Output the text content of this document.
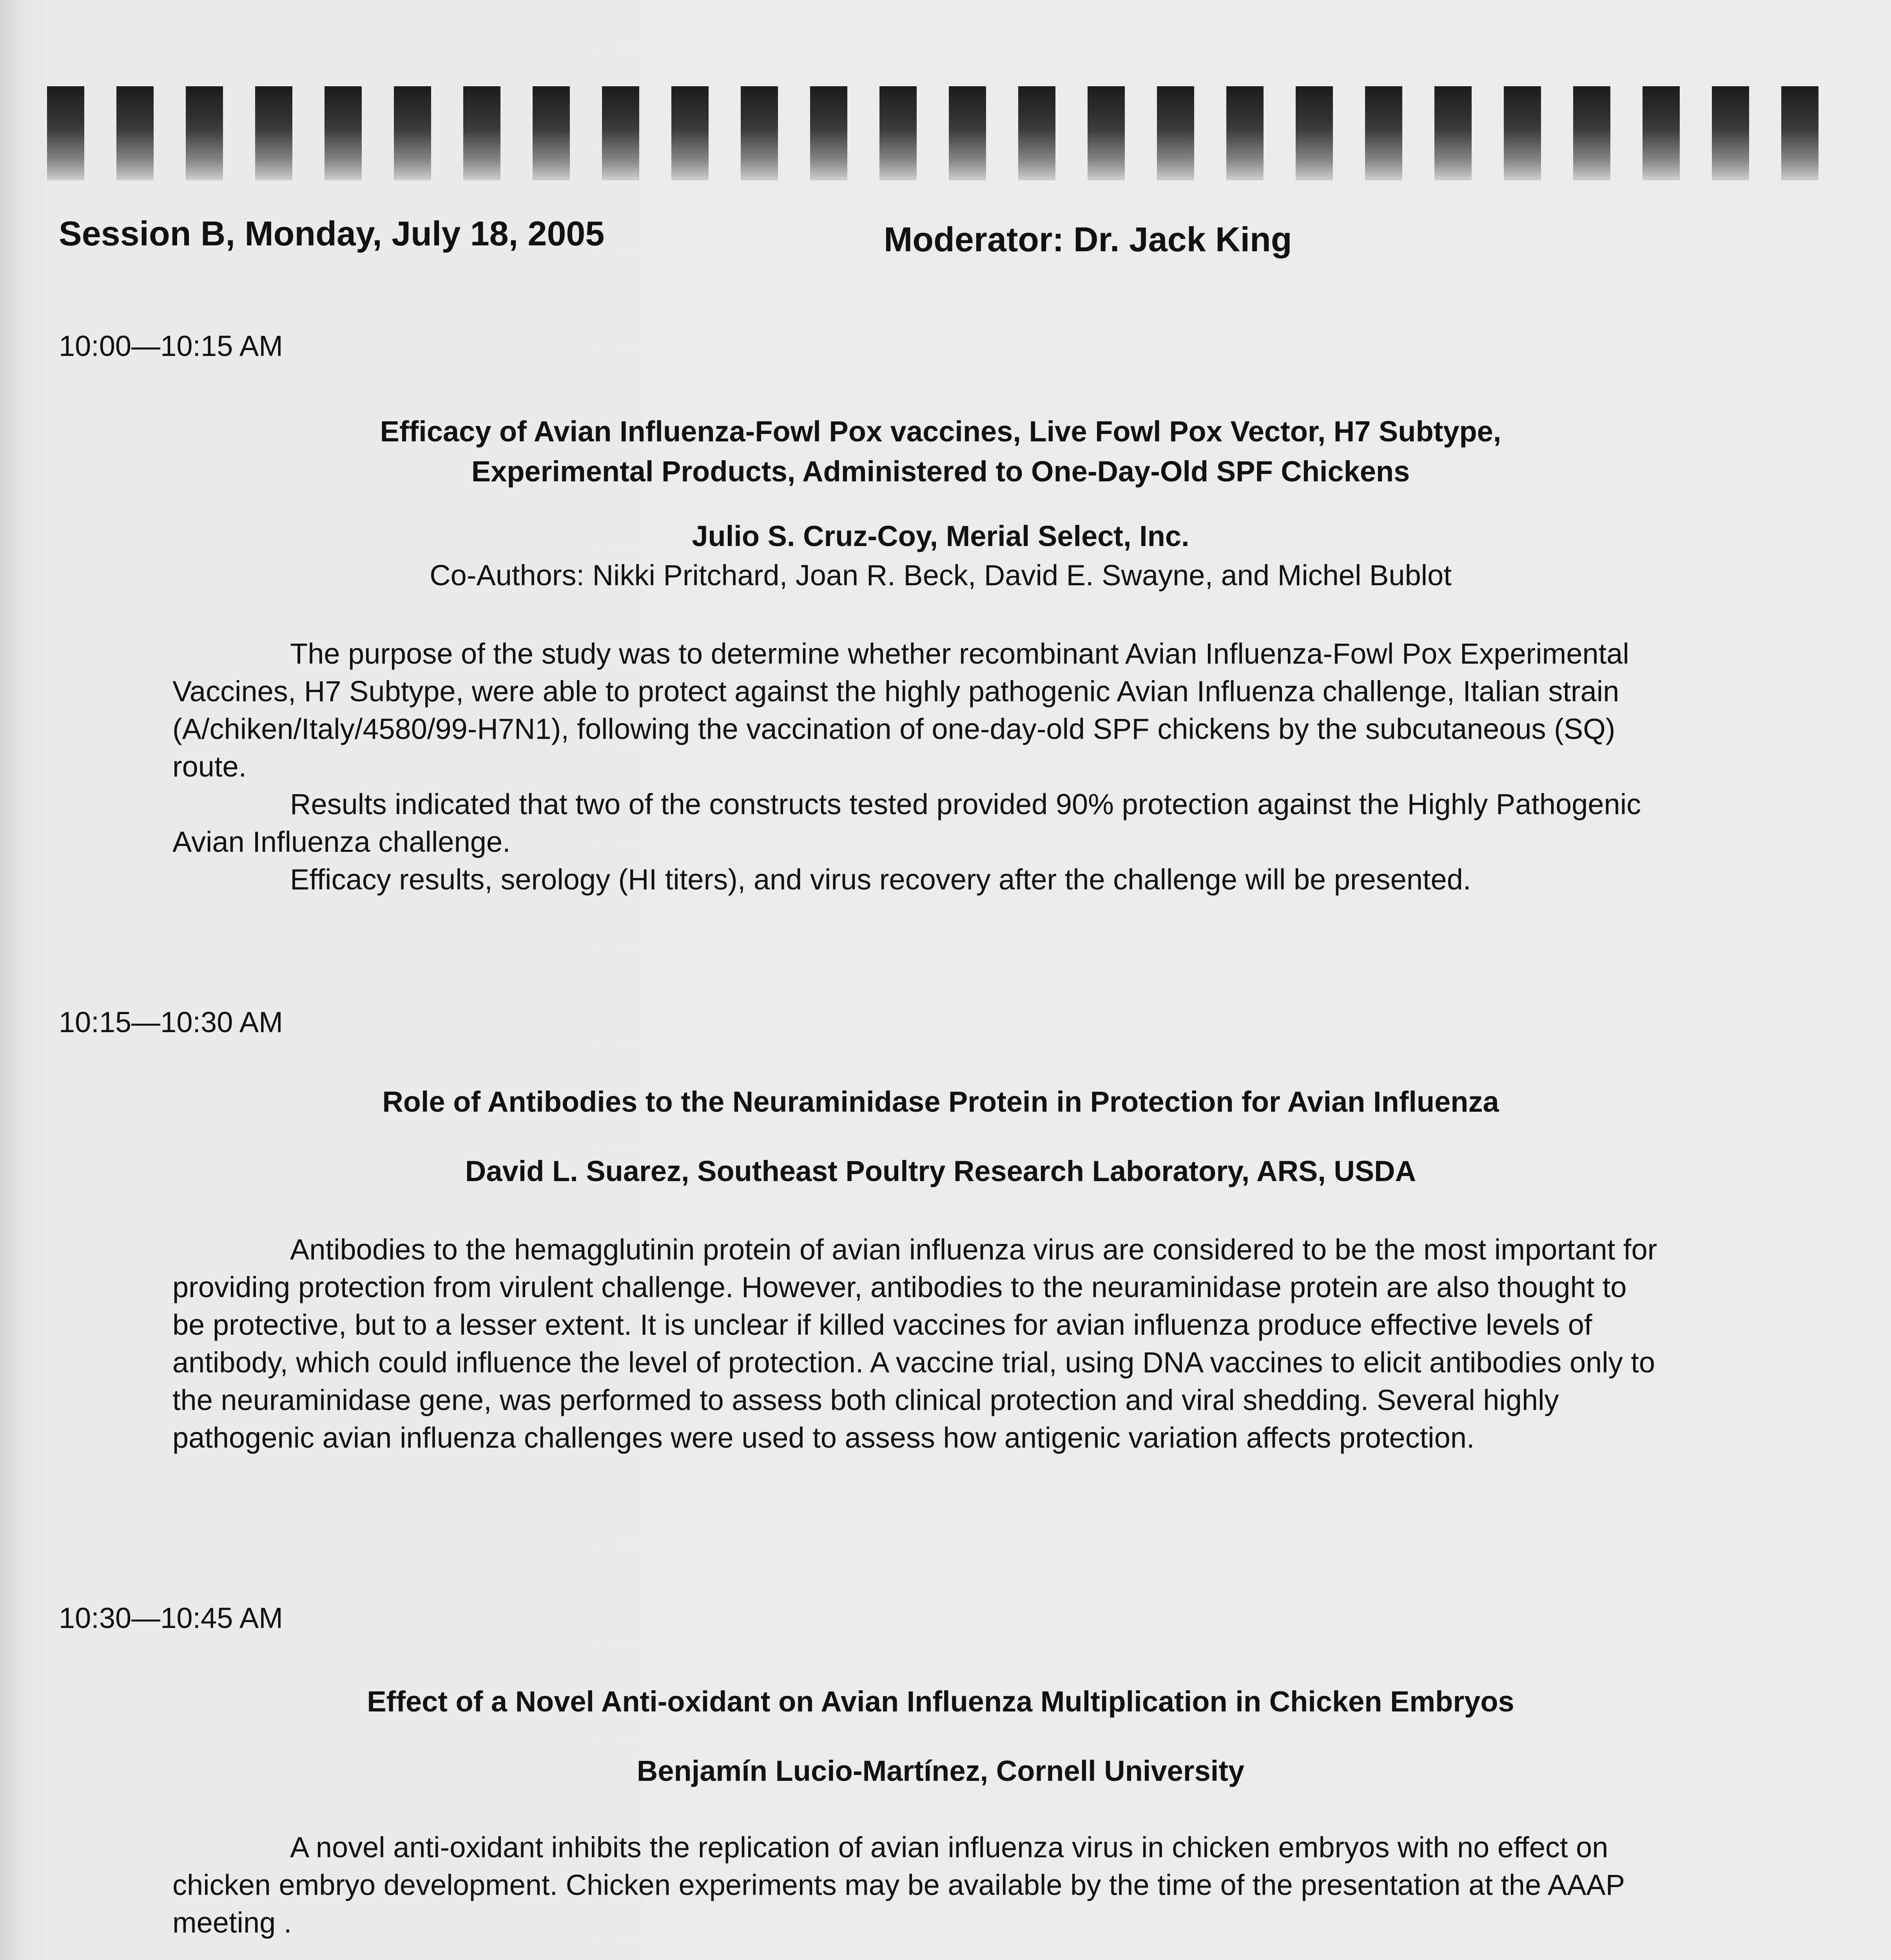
Session B, Monday, July 18, 2005	Moderator: Dr. Jack King
10:00—10:15 AM
Efficacy of Avian Influenza-Fowl Pox vaccines, Live Fowl Pox Vector, H7 Subtype,
Experimental Products, Administered to One-Day-Old SPF Chickens
Julio S. Cruz-Coy, Merial Select, Inc.
Co-Authors: Nikki Pritchard, Joan R. Beck, David E. Swayne, and Michel Bublot

The purpose of the study was to determine whether recombinant Avian Influenza-Fowl Pox Experimental Vaccines, H7 Subtype, were able to protect against the highly pathogenic Avian Influenza challenge, Italian strain (A/chiken/Italy/4580/99-H7N1), following the vaccination of one-day-old SPF chickens by the subcutaneous (SQ) route.

Results indicated that two of the constructs tested provided 90% protection against the Highly Pathogenic Avian Influenza challenge.

Efficacy results, serology (HI titers), and virus recovery after the challenge will be presented.

10:15—10:30 AM
Role of Antibodies to the Neuraminidase Protein in Protection for Avian Influenza
David L. Suarez, Southeast Poultry Research Laboratory, ARS, USDA

Antibodies to the hemagglutinin protein of avian influenza virus are considered to be the most important for providing protection from virulent challenge. However, antibodies to the neuraminidase protein are also thought to be protective, but to a lesser extent. It is unclear if killed vaccines for avian influenza produce effective levels of antibody, which could influence the level of protection. A vaccine trial, using DNA vaccines to elicit antibodies only to the neuraminidase gene, was performed to assess both clinical protection and viral shedding. Several highly pathogenic avian influenza challenges were used to assess how antigenic variation affects protection.

10:30—10:45 AM
Effect of a Novel Anti-oxidant on Avian Influenza Multiplication in Chicken Embryos
Benjamín Lucio-Martínez, Cornell University

A novel anti-oxidant inhibits the replication of avian influenza virus in chicken embryos with no effect on chicken embryo development. Chicken experiments may be available by the time of the presentation at the AAAP meeting .
